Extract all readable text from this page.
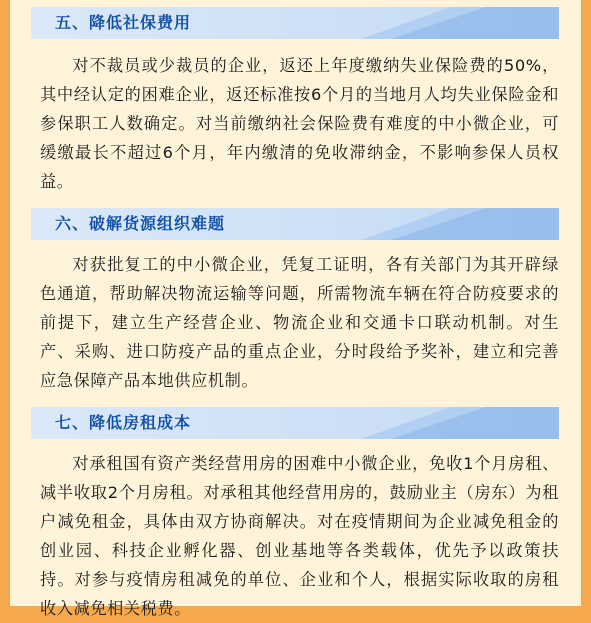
五、降低社保费用

对不裁员或少裁员的企业，返还上年度缴纳失业保险费的50%，其中经认定的困难企业，返还标准按6个月的当地月人均失业保险金和参保职工人数确定。对当前缴纳社会保险费有难度的中小微企业，可缓缴最长不超过6个月，年内缴清的免收滞纳金，不影响参保人员权益。

六、破解货源组织难题

对获批复工的中小微企业，凭复工证明，各有关部门为其开辟绿色通道，帮助解决物流运输等问题，所需物流车辆在符合防疫要求的前提下，建立生产经营企业、物流企业和交通卡口联动机制。对生产、采购、进口防疫产品的重点企业，分时段给予奖补，建立和完善应急保障产品本地供应机制。

七、降低房租成本

对承租国有资产类经营用房的困难中小微企业，免收1个月房租、减半收取2个月房租。对承租其他经营用房的，鼓励业主（房东）为租户减免租金，具体由双方协商解决。对在疫情期间为企业减免租金的创业园、科技企业孵化器、创业基地等各类载体，优先予以政策扶持。对参与疫情房租减免的单位、企业和个人，根据实际收取的房租收入减免相关税费。
